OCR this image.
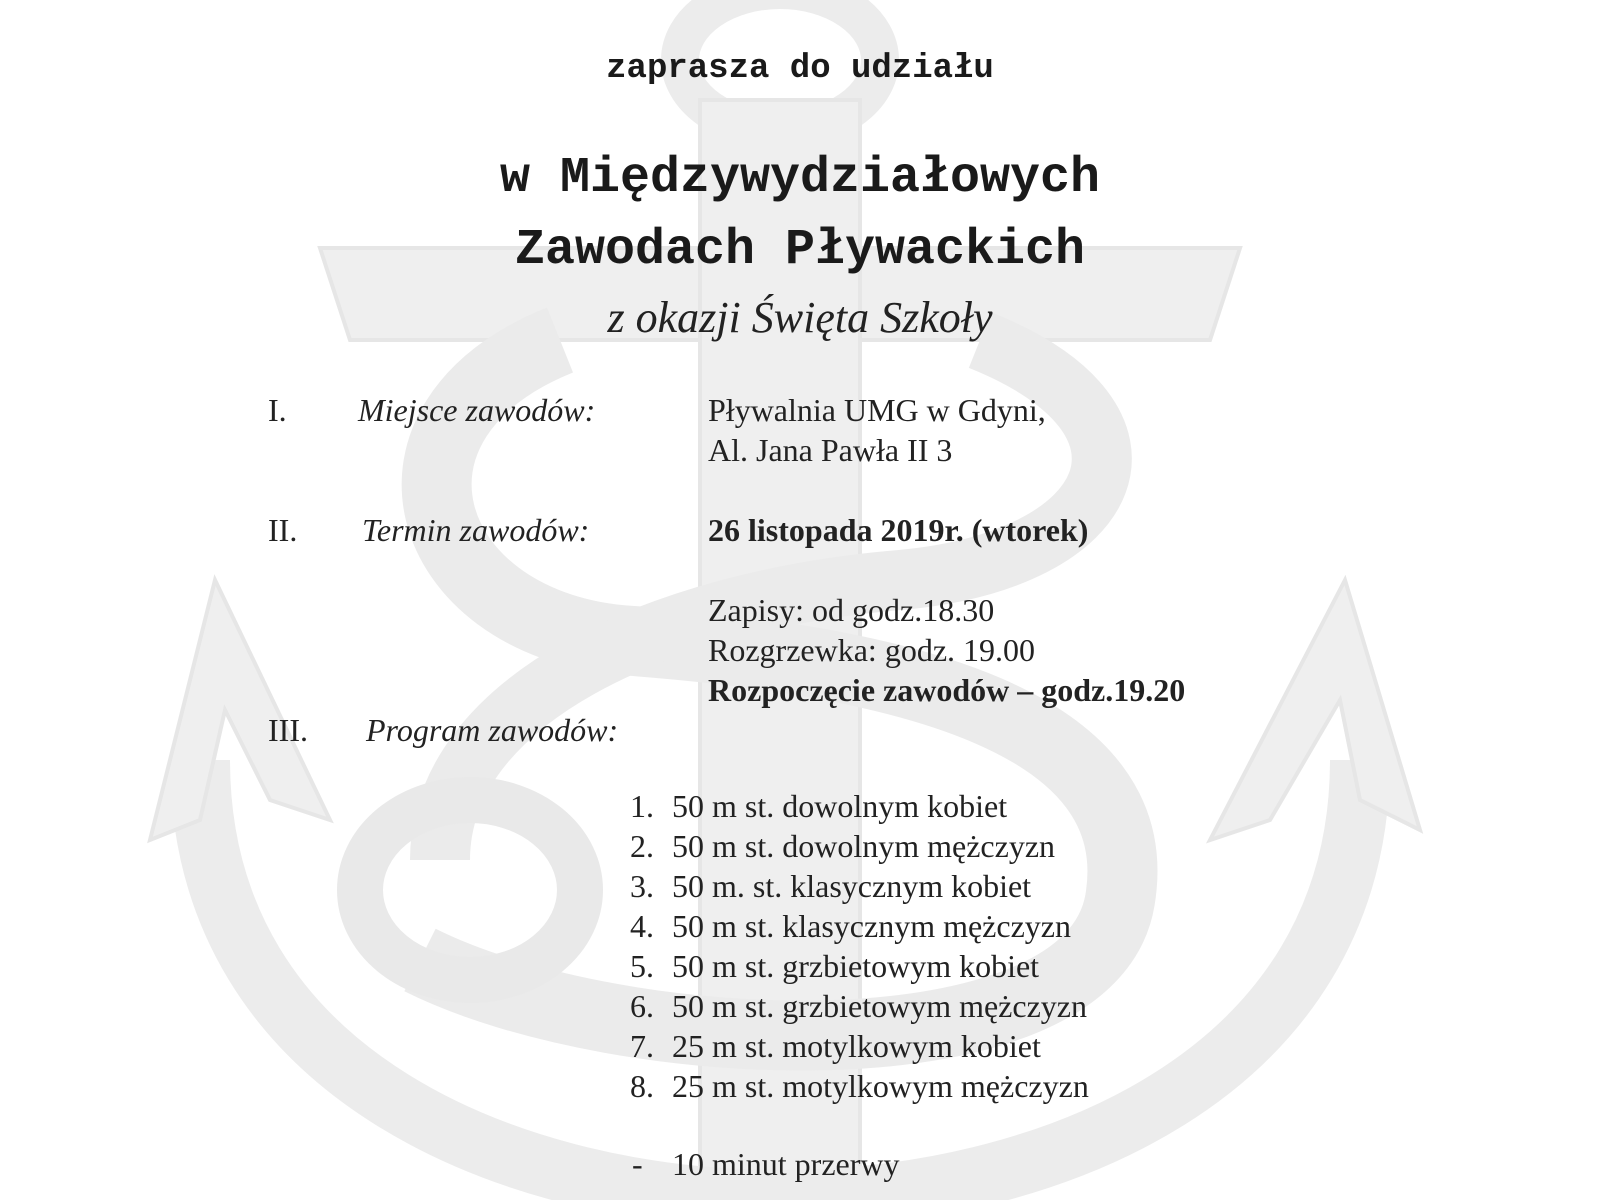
zaprasza do udziału
w Międzywydziałowych
Zawodach Pływackich
z okazji Święta Szkoły
I. Miejsce zawodów:	Pływalnia UMG w Gdyni,
Al. Jana Pawła II 3
II. Termin zawodów:	26 listopada 2019r. (wtorek)
Zapisy: od godz.18.30
Rozgrzewka: godz. 19.00
Rozpoczęcie zawodów – godz.19.20
III. Program zawodów:
1. 50 m st. dowolnym kobiet
2. 50 m st. dowolnym mężczyzn
3. 50 m. st. klasycznym kobiet
4. 50 m st. klasycznym mężczyzn
5. 50 m st. grzbietowym kobiet
6. 50 m st. grzbietowym mężczyzn
7. 25 m st. motylkowym kobiet
8. 25 m st. motylkowym mężczyzn
- 10 minut przerwy
